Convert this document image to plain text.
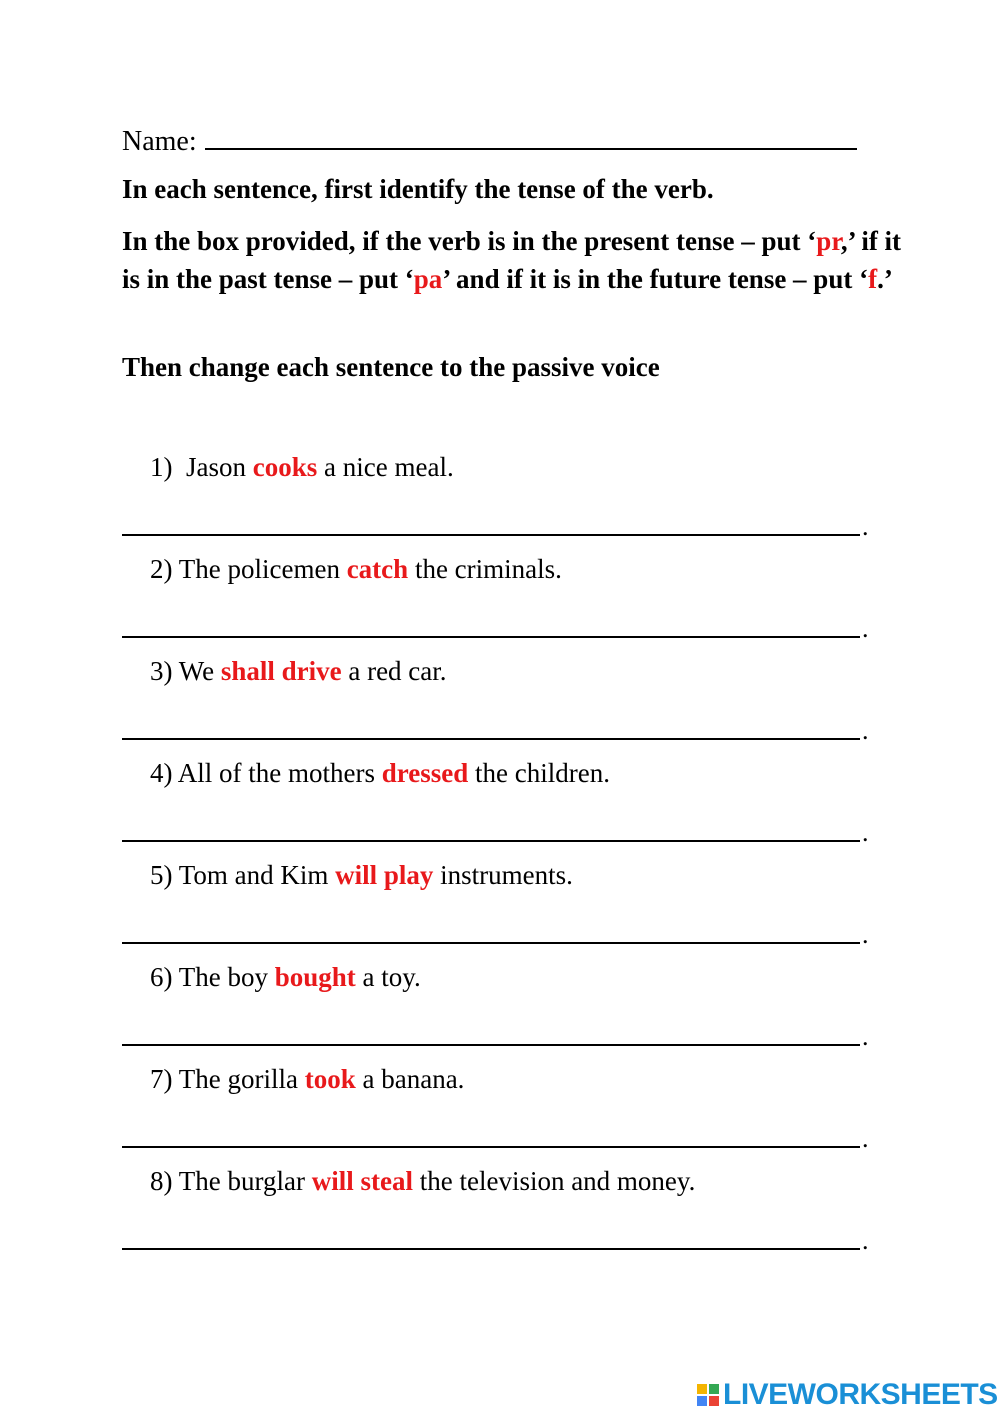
Name:

In each sentence, first identify the tense of the verb.

In the box provided, if the verb is in the present tense – put ‘pr,’ if it is in the past tense – put ‘pa’ and if it is in the future tense – put ‘f.’

Then change each sentence to the passive voice

1) Jason cooks a nice meal.
.
2) The policemen catch the criminals.
.
3) We shall drive a red car.
.
4) All of the mothers dressed the children.
.
5) Tom and Kim will play instruments.
.
6) The boy bought a toy.
.
7) The gorilla took a banana.
.
8) The burglar will steal the television and money.
.
LIVEWORKSHEETS
